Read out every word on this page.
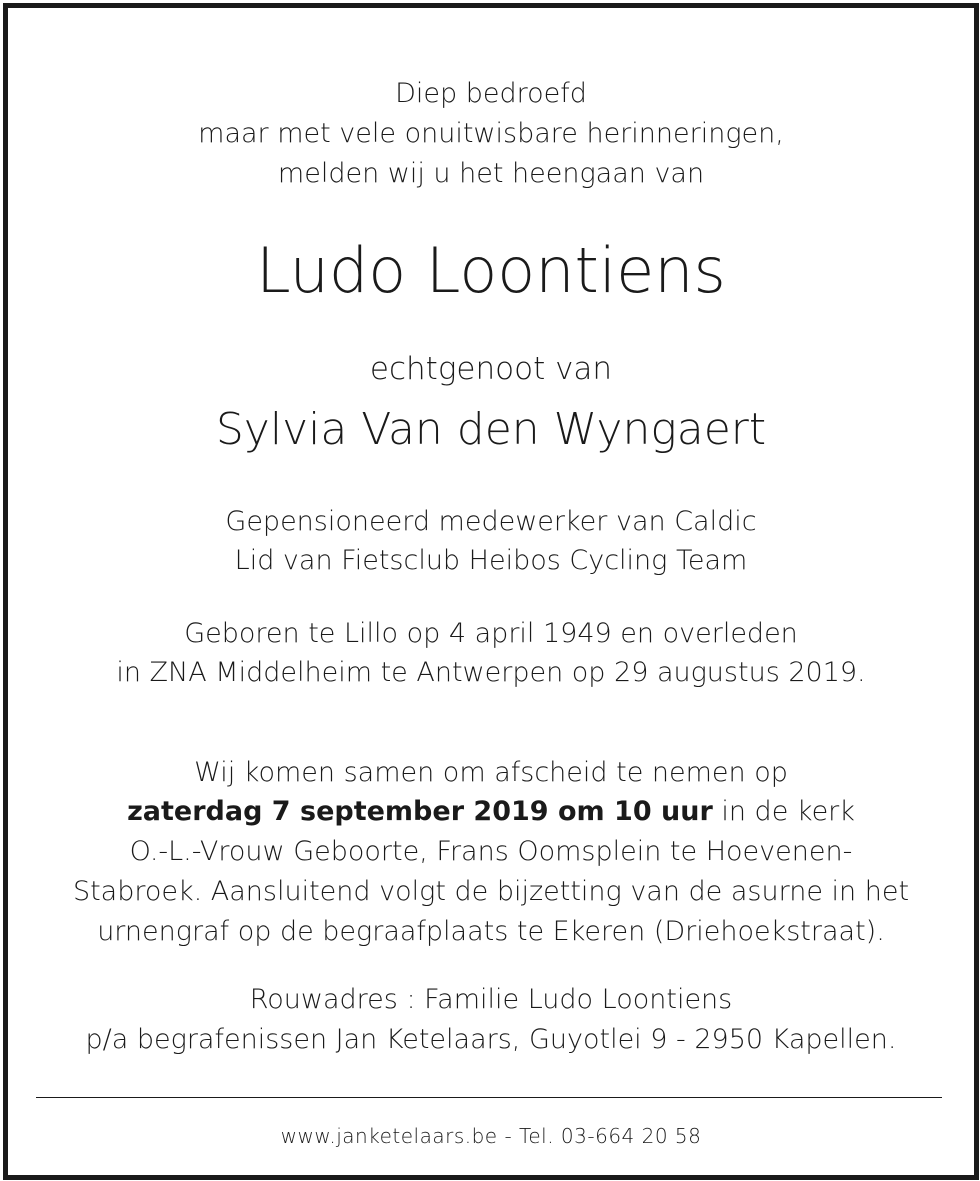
Diep bedroefd
maar met vele onuitwisbare herinneringen,
melden wij u het heengaan van
Ludo Loontiens
echtgenoot van
Sylvia Van den Wyngaert
Gepensioneerd medewerker van Caldic
Lid van Fietsclub Heibos Cycling Team
Geboren te Lillo op 4 april 1949 en overleden
in ZNA Middelheim te Antwerpen op 29 augustus 2019.
Wij komen samen om afscheid te nemen op
zaterdag 7 september 2019 om 10 uur in de kerk
O.-L.-Vrouw Geboorte, Frans Oomsplein te Hoevenen-
Stabroek. Aansluitend volgt de bijzetting van de asurne in het
urnengraf op de begraafplaats te Ekeren (Driehoekstraat).
Rouwadres : Familie Ludo Loontiens
p/a begrafenissen Jan Ketelaars, Guyotlei 9 - 2950 Kapellen.
www.janketelaars.be - Tel. 03-664 20 58
